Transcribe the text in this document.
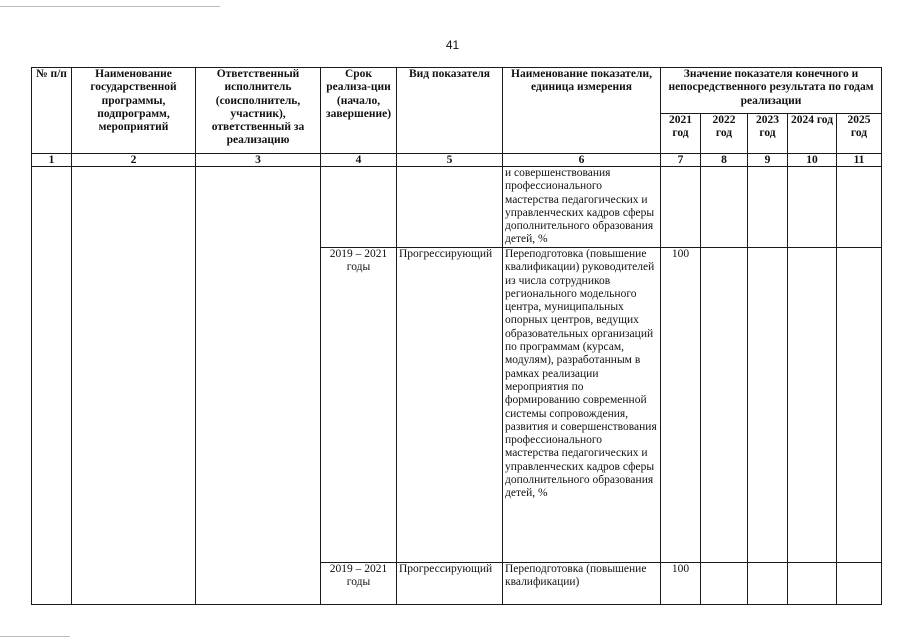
41
№ п/п	Наименование государственной программы, подпрограмм, мероприятий	Ответственный исполнитель (соисполнитель, участник), ответственный за реализацию	Срок реализа-ции (начало, завершение)	Вид показателя	Наименование показатели, единица измерения	Значение показателя конечного и непосредственного результата по годам реализации				
						2021 год	2022 год	2023 год	2024 год	2025 год
1	2	3	4	5	6	7	8	9	10	11
					и совершенствования профессионального мастерства педагогических и управленческих кадров сферы дополнительного образования детей, %					
			2019 – 2021 годы	Прогрессирующий	Переподготовка (повышение квалификации) руководителей из числа сотрудников регионального модельного центра, муниципальных опорных центров, ведущих образовательных организаций по программам (курсам, модулям), разработанным в рамках реализации мероприятия по формированию современной системы сопровождения, развития и совершенствования профессионального мастерства педагогических и управленческих кадров сферы дополнительного образования детей, %	100				
			2019 – 2021 годы	Прогрессирующий	Переподготовка (повышение квалификации)	100				
